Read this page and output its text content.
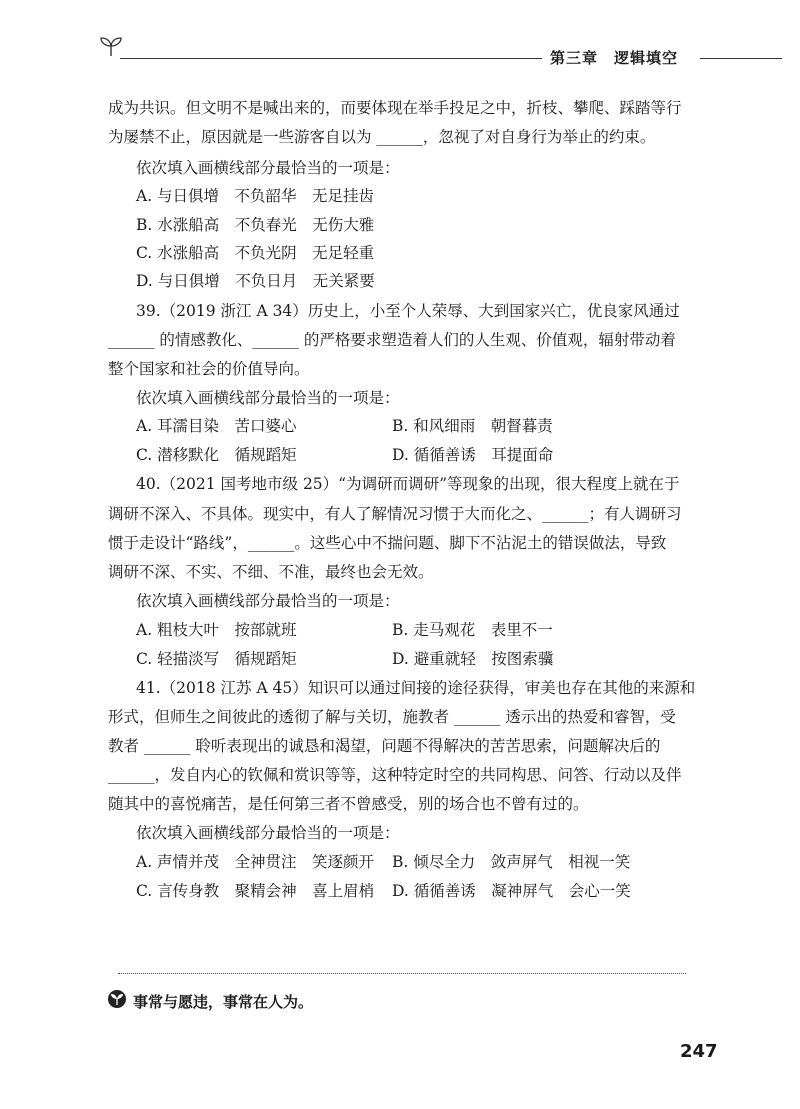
第三章　逻辑填空
成为共识。但文明不是喊出来的，而要体现在举手投足之中，折枝、攀爬、踩踏等行
为屡禁不止，原因就是一些游客自以为 ______，忽视了对自身行为举止的约束。
依次填入画横线部分最恰当的一项是：
A. 与日俱增　不负韶华　无足挂齿
B. 水涨船高　不负春光　无伤大雅
C. 水涨船高　不负光阴　无足轻重
D. 与日俱增　不负日月　无关紧要
39.（2019 浙江 A 34）历史上，小至个人荣辱、大到国家兴亡，优良家风通过
______ 的情感教化、______ 的严格要求塑造着人们的人生观、价值观，辐射带动着
整个国家和社会的价值导向。
依次填入画横线部分最恰当的一项是：
A. 耳濡目染　苦口婆心	B. 和风细雨　朝督暮责
C. 潜移默化　循规蹈矩	D. 循循善诱　耳提面命
40.（2021 国考地市级 25）“为调研而调研”等现象的出现，很大程度上就在于
调研不深入、不具体。现实中，有人了解情况习惯于大而化之、______；有人调研习
惯于走设计“路线”，______。这些心中不揣问题、脚下不沾泥土的错误做法，导致
调研不深、不实、不细、不准，最终也会无效。
依次填入画横线部分最恰当的一项是：
A. 粗枝大叶　按部就班	B. 走马观花　表里不一
C. 轻描淡写　循规蹈矩	D. 避重就轻　按图索骥
41.（2018 江苏 A 45）知识可以通过间接的途径获得，审美也存在其他的来源和
形式，但师生之间彼此的透彻了解与关切，施教者 ______ 透示出的热爱和睿智，受
教者 ______ 聆听表现出的诚恳和渴望，问题不得解决的苦苦思索，问题解决后的
______，发自内心的钦佩和赏识等等，这种特定时空的共同构思、问答、行动以及伴
随其中的喜悦痛苦，是任何第三者不曾感受，别的场合也不曾有过的。
依次填入画横线部分最恰当的一项是：
A. 声情并茂　全神贯注　笑逐颜开 B. 倾尽全力　敛声屏气　相视一笑
C. 言传身教　聚精会神　喜上眉梢 D. 循循善诱　凝神屏气　会心一笑
事常与愿违，事常在人为。
247
